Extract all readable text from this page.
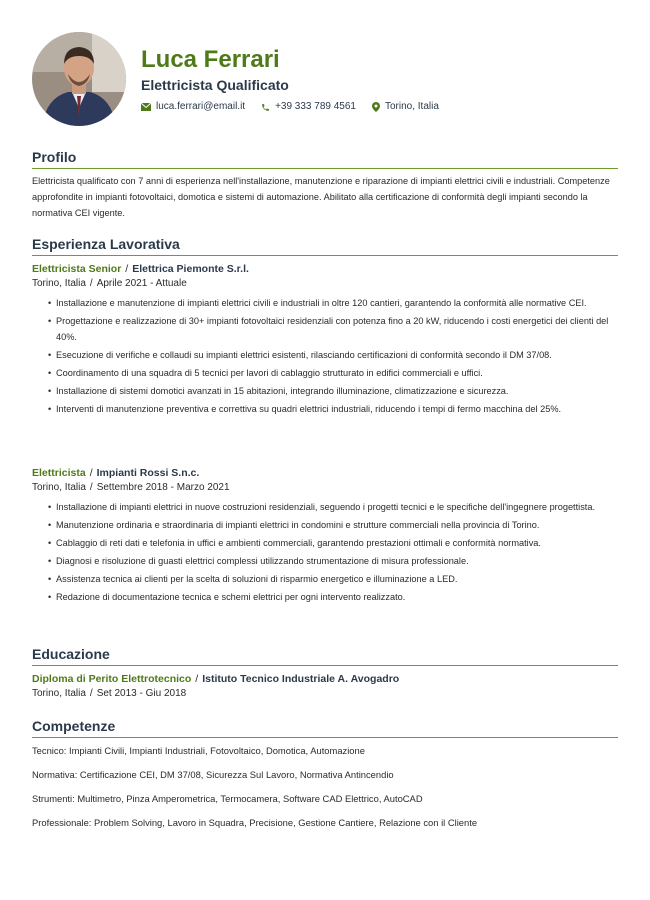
Luca Ferrari
Elettricista Qualificato
luca.ferrari@email.it	+39 333 789 4561	Torino, Italia
Profilo
Elettricista qualificato con 7 anni di esperienza nell'installazione, manutenzione e riparazione di impianti elettrici civili e industriali. Competenze approfondite in impianti fotovoltaici, domotica e sistemi di automazione. Abilitato alla certificazione di conformità degli impianti secondo la normativa CEI vigente.
Esperienza Lavorativa
Elettricista Senior / Elettrica Piemonte S.r.l.
Torino, Italia / Aprile 2021 - Attuale
• Installazione e manutenzione di impianti elettrici civili e industriali in oltre 120 cantieri, garantendo la conformità alle normative CEI.
• Progettazione e realizzazione di 30+ impianti fotovoltaici residenziali con potenza fino a 20 kW, riducendo i costi energetici dei clienti del 40%.
• Esecuzione di verifiche e collaudi su impianti elettrici esistenti, rilasciando certificazioni di conformità secondo il DM 37/08.
• Coordinamento di una squadra di 5 tecnici per lavori di cablaggio strutturato in edifici commerciali e uffici.
• Installazione di sistemi domotici avanzati in 15 abitazioni, integrando illuminazione, climatizzazione e sicurezza.
• Interventi di manutenzione preventiva e correttiva su quadri elettrici industriali, riducendo i tempi di fermo macchina del 25%.
Elettricista / Impianti Rossi S.n.c.
Torino, Italia / Settembre 2018 - Marzo 2021
• Installazione di impianti elettrici in nuove costruzioni residenziali, seguendo i progetti tecnici e le specifiche dell'ingegnere progettista.
• Manutenzione ordinaria e straordinaria di impianti elettrici in condomini e strutture commerciali nella provincia di Torino.
• Cablaggio di reti dati e telefonia in uffici e ambienti commerciali, garantendo prestazioni ottimali e conformità normativa.
• Diagnosi e risoluzione di guasti elettrici complessi utilizzando strumentazione di misura professionale.
• Assistenza tecnica ai clienti per la scelta di soluzioni di risparmio energetico e illuminazione a LED.
• Redazione di documentazione tecnica e schemi elettrici per ogni intervento realizzato.
Educazione
Diploma di Perito Elettrotecnico / Istituto Tecnico Industriale A. Avogadro
Torino, Italia / Set 2013 - Giu 2018
Competenze
Tecnico: Impianti Civili, Impianti Industriali, Fotovoltaico, Domotica, Automazione
Normativa: Certificazione CEI, DM 37/08, Sicurezza Sul Lavoro, Normativa Antincendio
Strumenti: Multimetro, Pinza Amperometrica, Termocamera, Software CAD Elettrico, AutoCAD
Professionale: Problem Solving, Lavoro in Squadra, Precisione, Gestione Cantiere, Relazione con il Cliente
